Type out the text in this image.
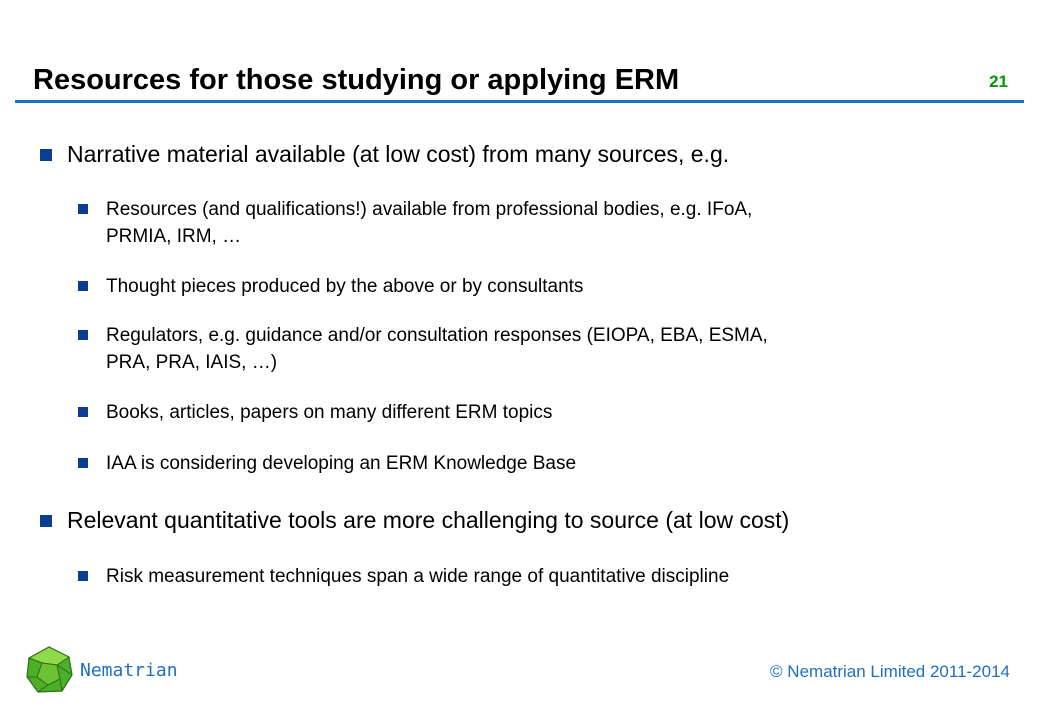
Resources for those studying or applying ERM	21
Narrative material available (at low cost) from many sources, e.g.
Resources (and qualifications!) available from professional bodies, e.g. IFoA,
PRMIA, IRM, …
Thought pieces produced by the above or by consultants
Regulators, e.g. guidance and/or consultation responses (EIOPA, EBA, ESMA,
PRA, PRA, IAIS, …)
Books, articles, papers on many different ERM topics
IAA is considering developing an ERM Knowledge Base
Relevant quantitative tools are more challenging to source (at low cost)
Risk measurement techniques span a wide range of quantitative discipline
Nematrian	© Nematrian Limited 2011-2014
